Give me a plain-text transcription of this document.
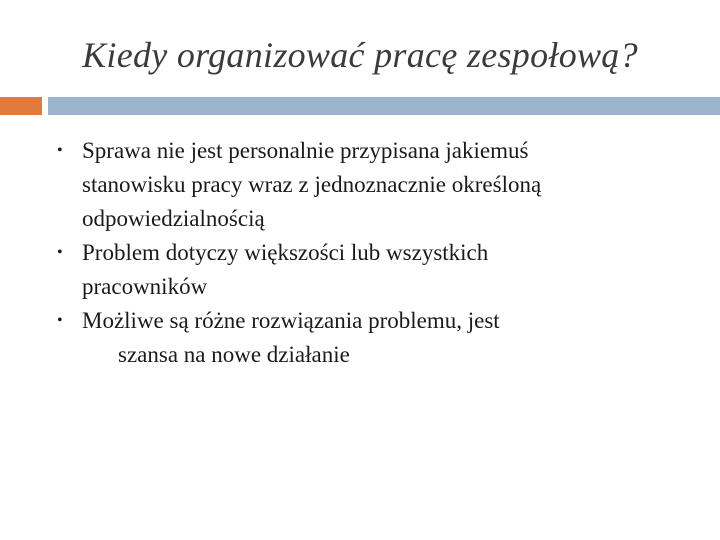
Kiedy organizować pracę zespołową?
• Sprawa nie jest personalnie przypisana jakiemuś
stanowisku pracy wraz z jednoznacznie określoną
odpowiedzialnością
• Problem dotyczy większości lub wszystkich
pracowników
• Możliwe są różne rozwiązania problemu, jest
szansa na nowe działanie
